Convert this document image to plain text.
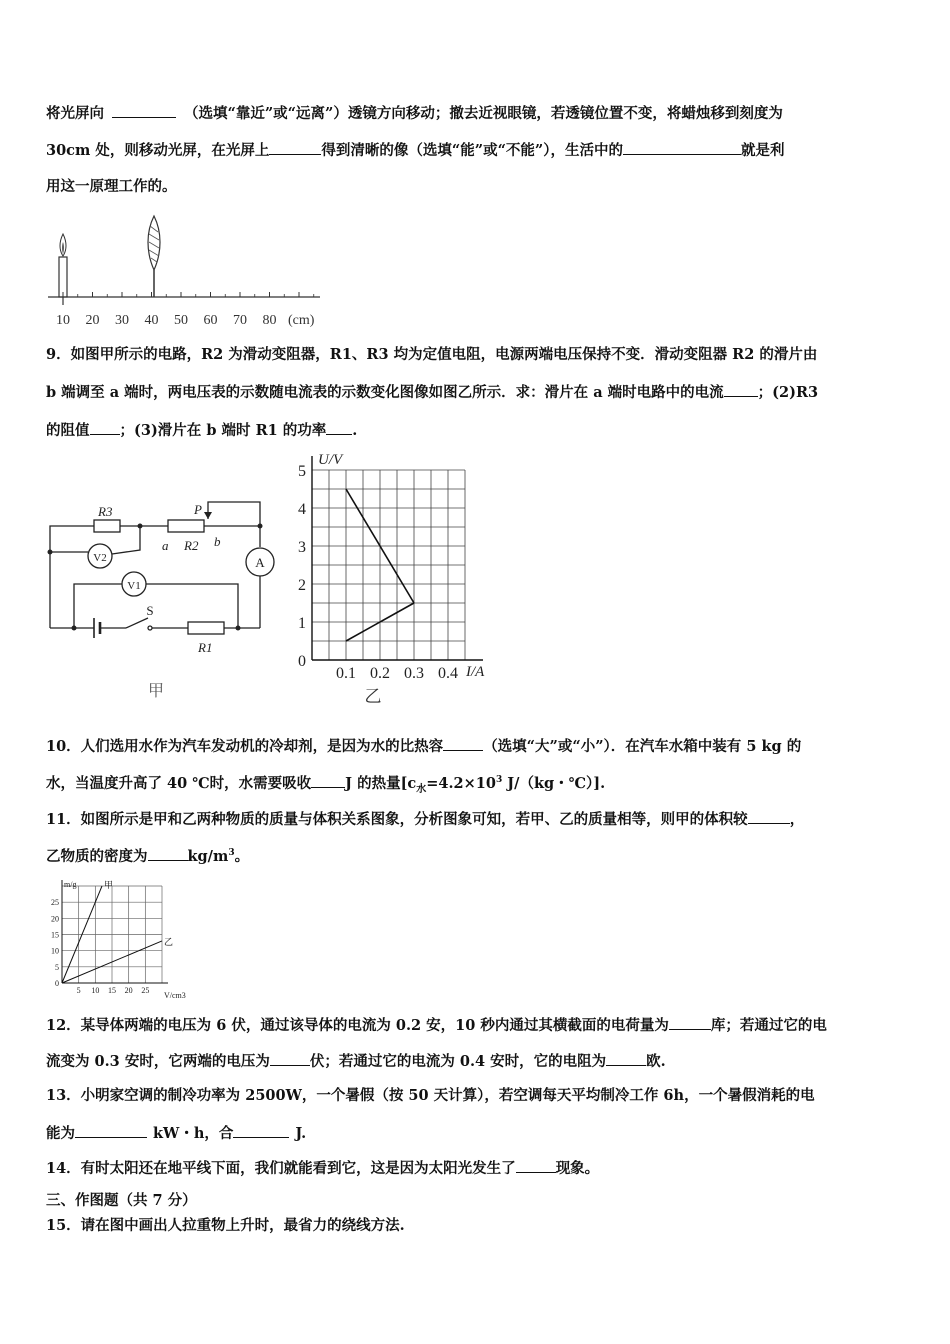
将光屏向	（选填“靠近”或“远离”）透镜方向移动；撤去近视眼镜，若透镜位置不变，将蜡烛移到刻度为
30cm 处，则移动光屏，在光屏上	得到清晰的像（选填“能”或“不能”），生活中的	就是利
用这一原理工作的。
10 20 30 40 50 60 70 80 (cm)
9．如图甲所示的电路，R2 为滑动变阻器，R1、R3 均为定值电阻，电源两端电压保持不变．滑动变阻器 R2 的滑片由
b 端调至 a 端时，两电压表的示数随电流表的示数变化图像如图乙所示．求：滑片在 a 端时电路中的电流 ；(2)R3
的阻值 ；(3)滑片在 b 端时 R1 的功率 .
R3	P
a R2 b
R1
A
V2
V1
S
甲
0
1
2
3
4
5
0.1 0.2 0.3 0.4
U/V
I/A
乙
10．人们选用水作为汽车发动机的冷却剂，是因为水的比热容	（选填“大”或“小”）．在汽车水箱中装有 5 kg 的
水，当温度升高了 40 ℃时，水需要吸收 J 的热量[$c_水=4.2\times 10^3$ J/（kg・℃）].
11．如图所示是甲和乙两种物质的质量与体积关系图象，分析图象可知，若甲、乙的质量相等，则甲的体积较	，
乙物质的密度为	$kg/m^3$。
甲
乙
0
5
10
15
20
25
5 10 15 20 25
m/g
V/cm3
12．某导体两端的电压为 6 伏，通过该导体的电流为 0.2 安，10 秒内通过其横截面的电荷量为	库；若通过它的电
流变为 0.3 安时，它两端的电压为	伏；若通过它的电流为 0.4 安时，它的电阻为	欧.
13．小明家空调的制冷功率为 2500W，一个暑假（按 50 天计算），若空调每天平均制冷工作 6h，一个暑假消耗的电
能为	kW・h，合	J.
14．有时太阳还在地平线下面，我们就能看到它，这是因为太阳光发生了	现象。
三、作图题（共 7 分）
15．请在图中画出人拉重物上升时，最省力的绕线方法.
